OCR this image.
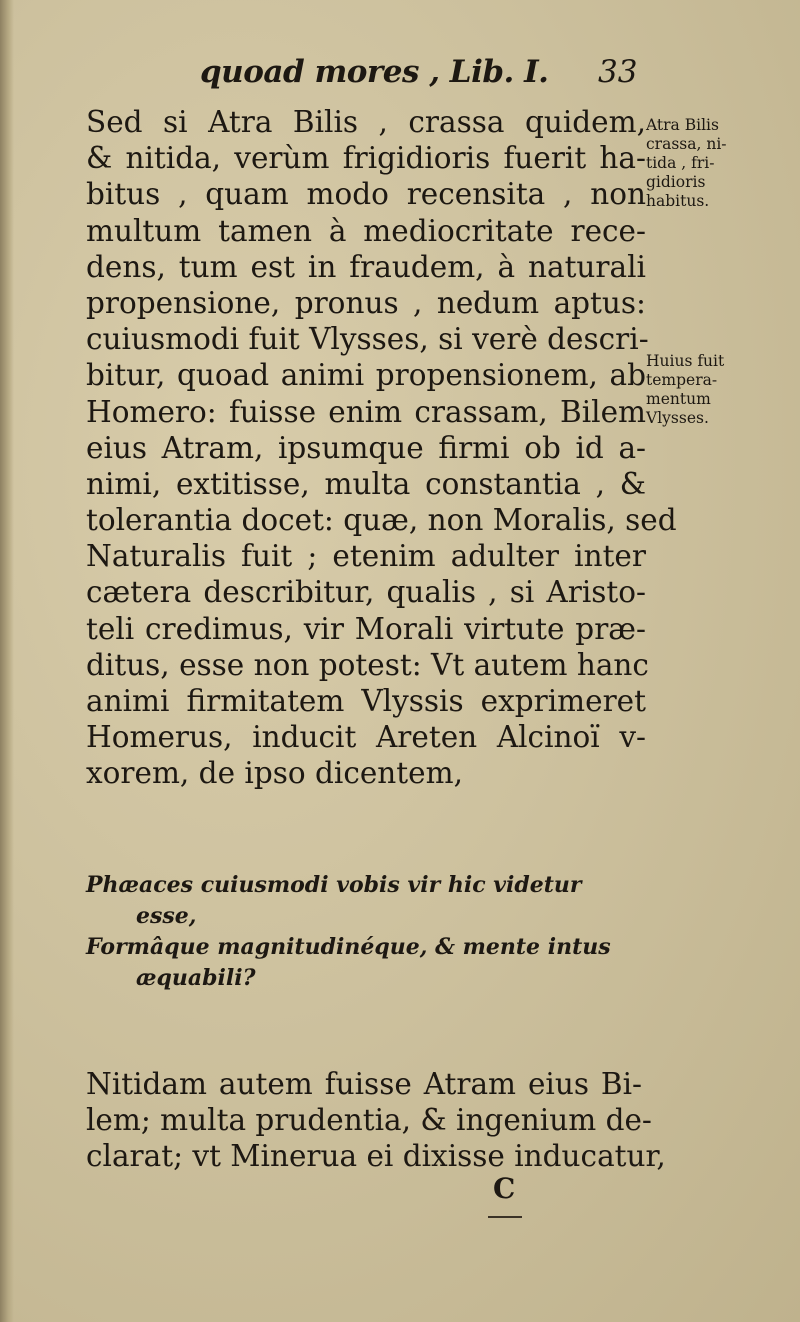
quoad mores , Lib. I. 33
Sed si Atra Bilis , crassa quidem,
& nitida, verùm frigidioris fuerit ha-
bitus , quam modo recensita , non
multum tamen à mediocritate rece-
dens, tum est in fraudem, à naturali
propensione, pronus , nedum aptus:
cuiusmodi fuit Vlysses, si verè descri-
bitur, quoad animi propensionem, ab
Homero: fuisse enim crassam, Bilem
eius Atram, ipsumque firmi ob id a-
nimi, extitisse, multa constantia , &
tolerantia docet: quæ, non Moralis, sed
Naturalis fuit ; etenim adulter inter
cætera describitur, qualis , si Aristo-
teli credimus, vir Morali virtute præ-
ditus, esse non potest: Vt autem hanc
animi firmitatem Vlyssis exprimeret
Homerus, inducit Areten Alcinoï v-
xorem, de ipso dicentem,
Atra Bilis
crassa, ni-
tida , fri-
gidioris
habitus.
Huius fuit
tempera-
mentum
Vlysses.
Phæaces cuiusmodi vobis vir hic videtur
esse,
Formâque magnitudinéque, & mente intus
æquabili?
Nitidam autem fuisse Atram eius Bi-
lem; multa prudentia, & ingenium de-
clarat; vt Minerua ei dixisse inducatur,
C
